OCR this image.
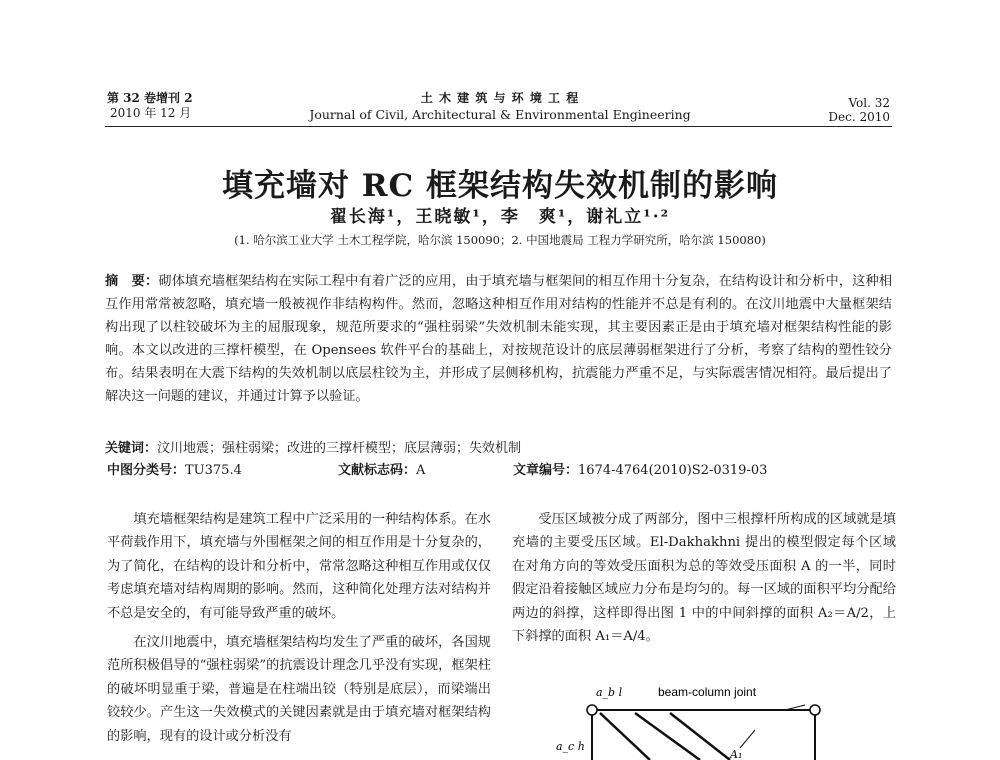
第 32 卷增刊 2
2010 年 12 月
土 木 建 筑 与 环 境 工 程
Journal of Civil, Architectural & Environmental Engineering
Vol. 32
Dec. 2010
填充墙对 RC 框架结构失效机制的影响
翟长海¹，王晓敏¹，李　爽¹，谢礼立¹·²
(1. 哈尔滨工业大学 土木工程学院，哈尔滨 150090；2. 中国地震局 工程力学研究所，哈尔滨 150080)
摘　要：砌体填充墙框架结构在实际工程中有着广泛的应用，由于填充墙与框架间的相互作用十分复杂，在结构设计和分析中，这种相互作用常常被忽略，填充墙一般被视作非结构构件。然而，忽略这种相互作用对结构的性能并不总是有利的。在汶川地震中大量框架结构出现了以柱铰破坏为主的屈服现象，规范所要求的“强柱弱梁”失效机制未能实现，其主要因素正是由于填充墙对框架结构性能的影响。本文以改进的三撑杆模型，在 Opensees 软件平台的基础上，对按规范设计的底层薄弱框架进行了分析，考察了结构的塑性铰分布。结果表明在大震下结构的失效机制以底层柱铰为主，并形成了层侧移机构，抗震能力严重不足，与实际震害情况相符。最后提出了解决这一问题的建议，并通过计算予以验证。
关键词：汶川地震；强柱弱梁；改进的三撑杆模型；底层薄弱；失效机制
中图分类号：TU375.4	文献标志码：A	文章编号：1674-4764(2010)S2-0319-03

填充墙框架结构是建筑工程中广泛采用的一种结构体系。在水平荷载作用下，填充墙与外围框架之间的相互作用是十分复杂的，为了简化，在结构的设计和分析中，常常忽略这种相互作用或仅仅考虑填充墙对结构周期的影响。然而，这种简化处理方法对结构并不总是安全的，有可能导致严重的破坏。

在汶川地震中，填充墙框架结构均发生了严重的破坏，各国规范所积极倡导的“强柱弱梁”的抗震设计理念几乎没有实现，框架柱的破坏明显重于梁，普遍是在柱端出铰（特别是底层），而梁端出铰较少。产生这一失效模式的关键因素就是由于填充墙对框架结构的影响，现有的设计或分析没有

受压区域被分成了两部分，图中三根撑杆所构成的区域就是填充墙的主要受压区域。El-Dakhakhni 提出的模型假定每个区域在对角方向的等效受压面积为总的等效受压面积 A 的一半，同时假定沿着接触区域应力分布是均匀的。每一区域的面积平均分配给两边的斜撑，这样即得出图 1 中的中间斜撑的面积 A₂＝A/2，上下斜撑的面积 A₁＝A/4。

a_b l	beam-column joint
a_c h
A₁
